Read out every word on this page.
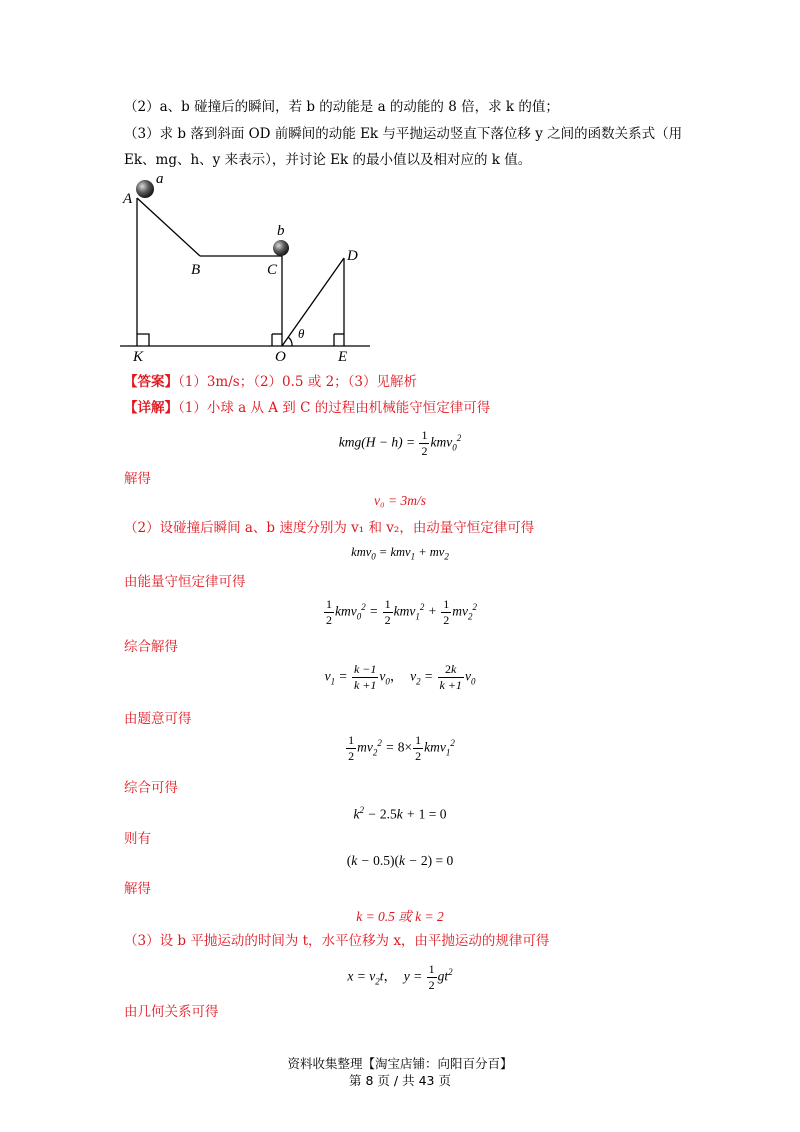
（2）a、b 碰撞后的瞬间，若 b 的动能是 a 的动能的 8 倍，求 k 的值；
（3）求 b 落到斜面 OD 前瞬间的动能 Ek 与平抛运动竖直下落位移 y 之间的函数关系式（用
Ek、mg、h、y 来表示），并讨论 Ek 的最小值以及相对应的 k 值。
A
a
B	C
b
D
K	O	E
θ
【答案】（1）3m/s；（2）0.5 或 2；（3）见解析
【详解】（1）小球 a 从 A 到 C 的过程由机械能守恒定律可得
$kmg(H - h) = \frac{1}{2} kmv_0^2$
解得
v₀ = 3m/s
（2）设碰撞后瞬间 a、b 速度分别为 v₁ 和 v₂，由动量守恒定律可得
$kmv_0 = kmv_1 + mv_2$
由能量守恒定律可得
$\frac{1}{2} kmv_0^2 = \frac{1}{2} kmv_1^2 + \frac{1}{2} mv_2^2$
综合解得
$v_1 = \frac{k -1}{k +1} v_0$，  $v_2 = \frac{2k}{k +1} v_0$
由题意可得
$\frac{1}{2} mv_2^2 = 8\times \frac{1}{2} kmv_1^2$
综合可得
$k^2 - 2.5k + 1 = 0$
则有
(k − 0.5)(k − 2) = 0
解得
k = 0.5 或 k = 2
（3）设 b 平抛运动的时间为 t，水平位移为 x，由平抛运动的规律可得
$x = v_2t$，  $y = \frac{1}{2} gt^2$
由几何关系可得
资料收集整理【淘宝店铺：向阳百分百】
第 8 页 / 共 43 页
